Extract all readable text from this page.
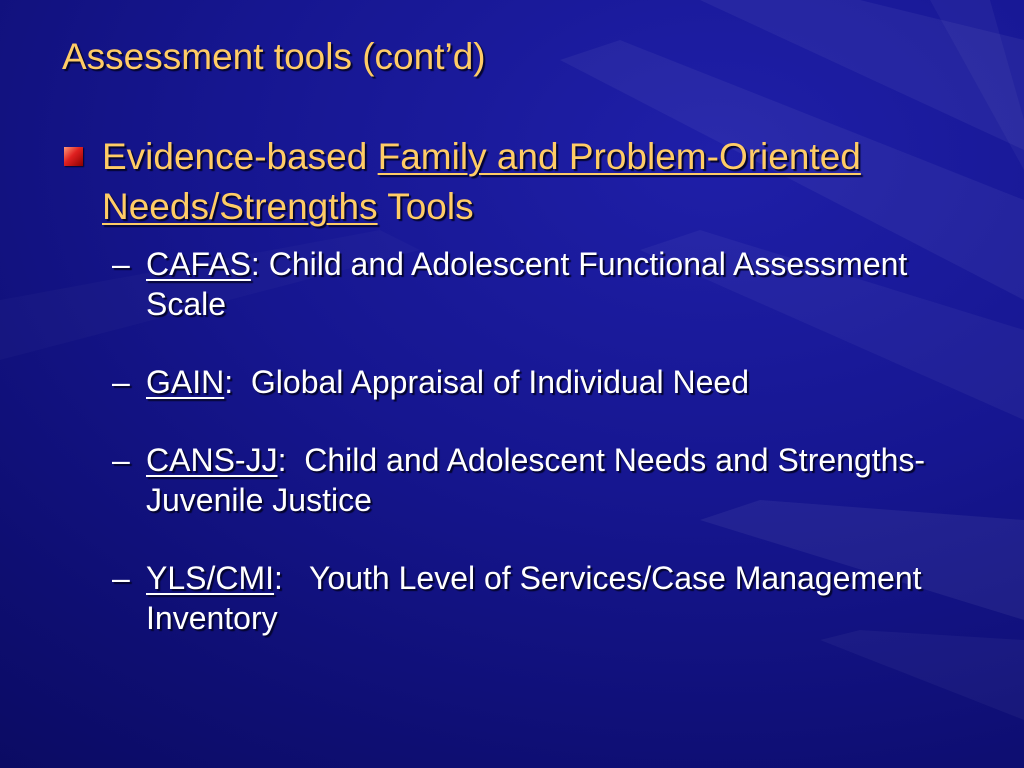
Assessment tools (cont’d)
Evidence-based Family and Problem-Oriented Needs/Strengths Tools
– CAFAS: Child and Adolescent Functional Assessment Scale
– GAIN:  Global Appraisal of Individual Need
– CANS-JJ:  Child and Adolescent Needs and Strengths-Juvenile Justice
– YLS/CMI:   Youth Level of Services/Case Management Inventory
